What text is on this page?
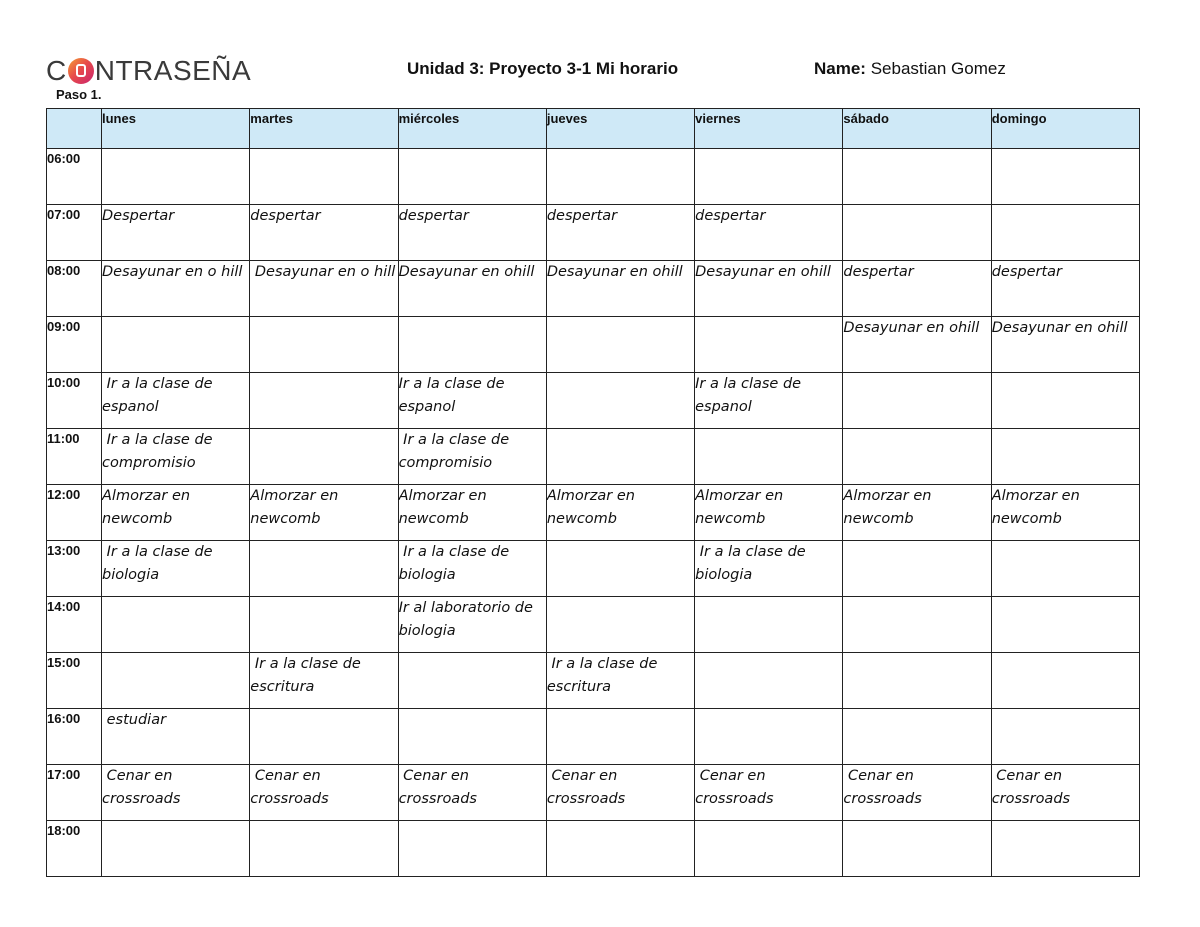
C NTRASEÑA	Unidad 3: Proyecto 3-1 Mi horario	Name: Sebastian Gomez
Paso 1.
	lunes	martes	miércoles	jueves	viernes	sábado	domingo
06:00							
07:00	Despertar	despertar	despertar	despertar	despertar		
08:00	Desayunar en o hill	Desayunar en o hill	Desayunar en ohill	Desayunar en ohill	Desayunar en ohill	despertar	despertar
09:00						Desayunar en ohill	Desayunar en ohill
10:00	Ir a la clase de espanol		Ir a la clase de espanol		Ir a la clase de espanol		
11:00	Ir a la clase de compromisio		Ir a la clase de compromisio				
12:00	Almorzar en newcomb	Almorzar en newcomb	Almorzar en newcomb	Almorzar en newcomb	Almorzar en newcomb	Almorzar en newcomb	Almorzar en newcomb
13:00	Ir a la clase de biologia		Ir a la clase de biologia		Ir a la clase de biologia		
14:00			Ir al laboratorio de biologia				
15:00		Ir a la clase de escritura		Ir a la clase de escritura			
16:00	estudiar						
17:00	Cenar en crossroads	Cenar en crossroads	Cenar en crossroads	Cenar en crossroads	Cenar en crossroads	Cenar en crossroads	Cenar en crossroads
18:00							
